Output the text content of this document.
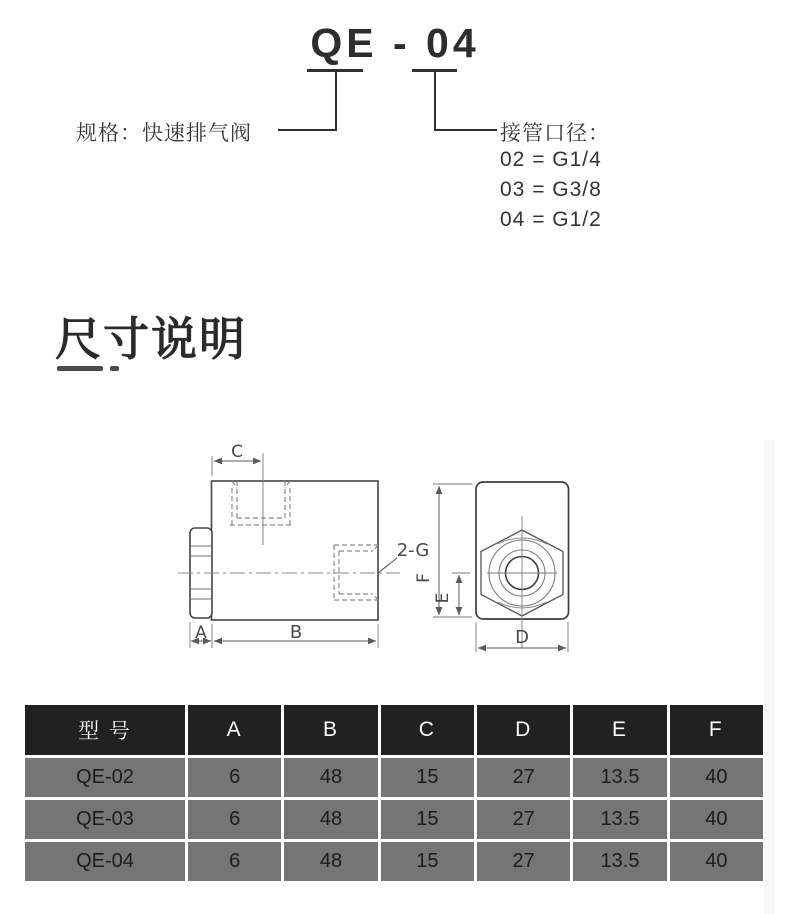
QE - 04
规格：快速排气阀	接管口径：
02 = G1/4
03 = G3/8
04 = G1/2
尺寸说明
2-G
C
A	B
F
E
D
型 号	A	B	C	D	E	F
QE-02	6	48	15	27	13.5	40
QE-03	6	48	15	27	13.5	40
QE-04	6	48	15	27	13.5	40
